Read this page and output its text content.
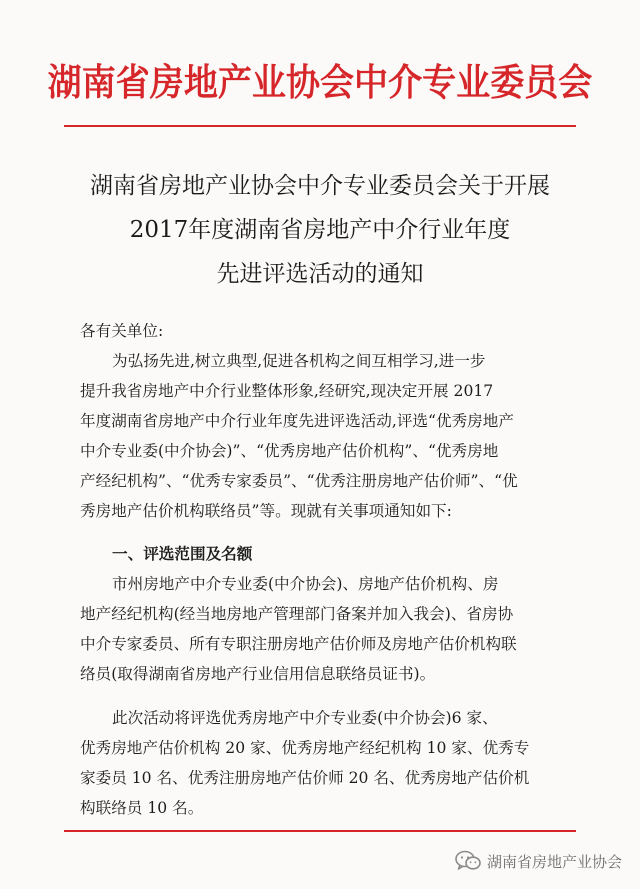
湖南省房地产业协会中介专业委员会
湖南省房地产业协会中介专业委员会关于开展
2017年度湖南省房地产中介行业年度
先进评选活动的通知
各有关单位:
为弘扬先进,树立典型,促进各机构之间互相学习,进一步
提升我省房地产中介行业整体形象,经研究,现决定开展 2017
年度湖南省房地产中介行业年度先进评选活动,评选“优秀房地产
中介专业委(中介协会)”、“优秀房地产估价机构”、“优秀房地
产经纪机构”、“优秀专家委员”、“优秀注册房地产估价师”、“优
秀房地产估价机构联络员”等。现就有关事项通知如下:
一、评选范围及名额
市州房地产中介专业委(中介协会)、房地产估价机构、房
地产经纪机构(经当地房地产管理部门备案并加入我会)、省房协
中介专家委员、所有专职注册房地产估价师及房地产估价机构联
络员(取得湖南省房地产行业信用信息联络员证书)。
此次活动将评选优秀房地产中介专业委(中介协会)6 家、
优秀房地产估价机构 20 家、优秀房地产经纪机构 10 家、优秀专
家委员 10 名、优秀注册房地产估价师 20 名、优秀房地产估价机
构联络员 10 名。
湖南省房地产业协会
